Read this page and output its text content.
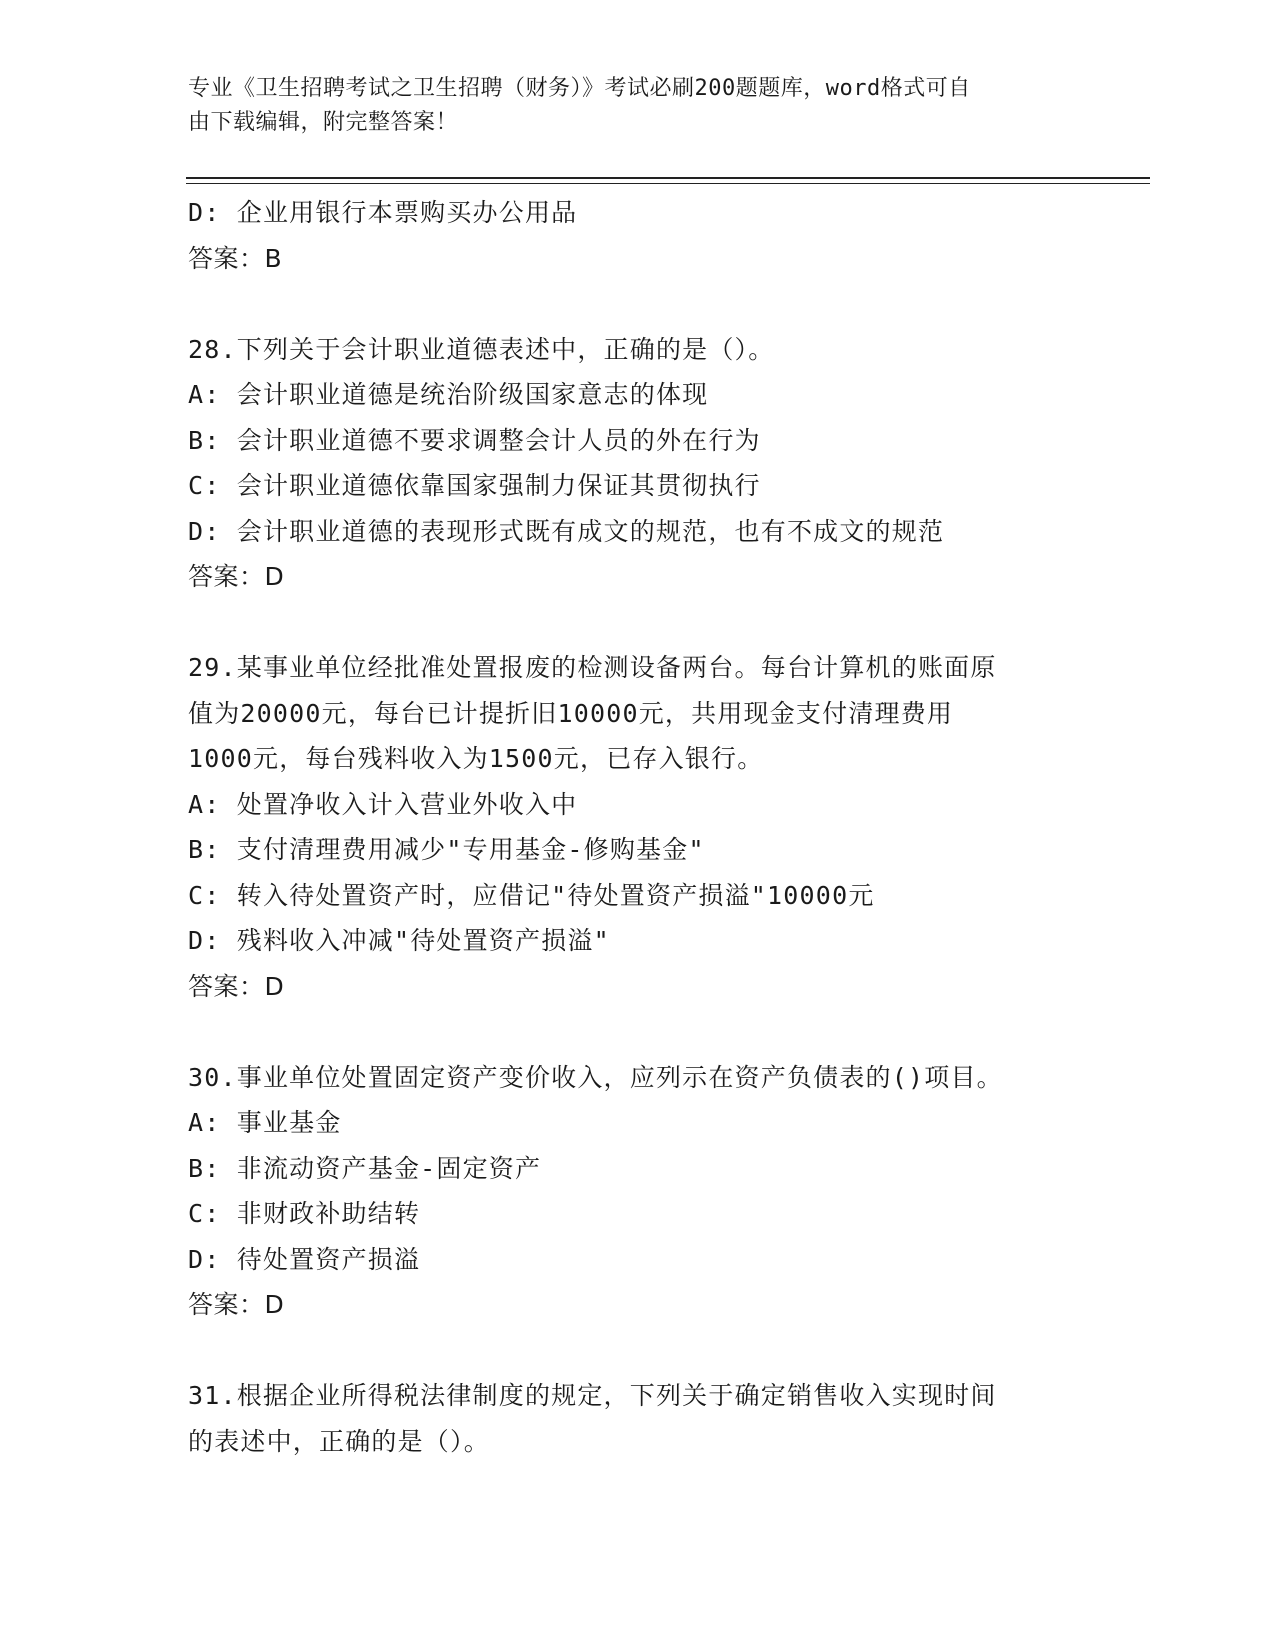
专业《卫生招聘考试之卫生招聘（财务）》考试必刷200题题库，word格式可自
由下载编辑，附完整答案！
D: 企业用银行本票购买办公用品
答案：B
28.下列关于会计职业道德表述中，正确的是（）。
A: 会计职业道德是统治阶级国家意志的体现
B: 会计职业道德不要求调整会计人员的外在行为
C: 会计职业道德依靠国家强制力保证其贯彻执行
D: 会计职业道德的表现形式既有成文的规范，也有不成文的规范
答案：D
29.某事业单位经批准处置报废的检测设备两台。每台计算机的账面原
值为20000元，每台已计提折旧10000元，共用现金支付清理费用
1000元，每台残料收入为1500元，已存入银行。
A: 处置净收入计入营业外收入中
B: 支付清理费用减少"专用基金-修购基金"
C: 转入待处置资产时，应借记"待处置资产损溢"10000元
D: 残料收入冲减"待处置资产损溢"
答案：D
30.事业单位处置固定资产变价收入，应列示在资产负债表的()项目。
A: 事业基金
B: 非流动资产基金-固定资产
C: 非财政补助结转
D: 待处置资产损溢
答案：D
31.根据企业所得税法律制度的规定，下列关于确定销售收入实现时间
的表述中，正确的是（）。
